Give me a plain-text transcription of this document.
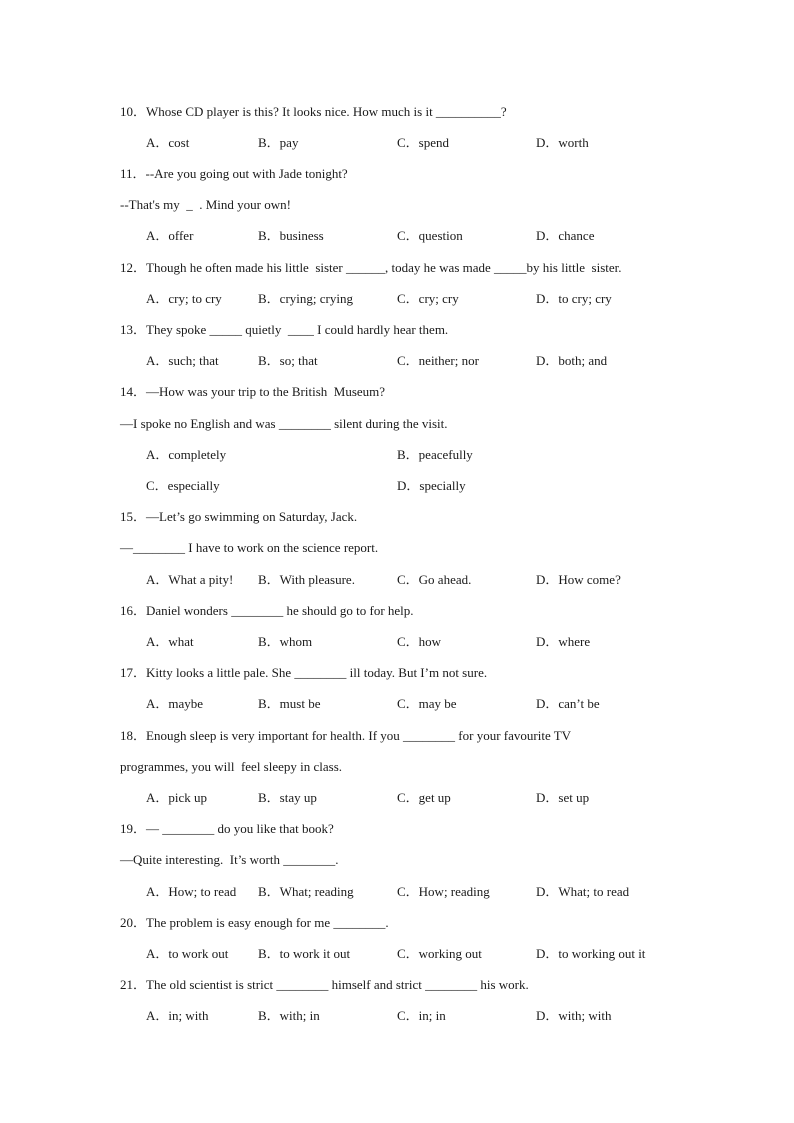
10．Whose CD player is this? It looks nice. How much is it __________?
A．cost	B．pay	C．spend	D．worth
11．--Are you going out with Jade tonight?
--That's my  _  . Mind your own!
A．offer	B．business	C．question	D．chance
12．Though he often made his little  sister ______, today he was made _____by his little  sister.
A．cry; to cry	B．crying; crying	C．cry; cry	D．to cry; cry
13．They spoke _____ quietly  ____ I could hardly hear them.
A．such; that	B．so; that	C．neither; nor	D．both; and
14．—How was your trip to the British  Museum?
—I spoke no English and was ________ silent during the visit.
A．completely	B．peacefully
C．especially	D．specially
15．—Let’s go swimming on Saturday, Jack.
—________ I have to work on the science report.
A．What a pity! B．With pleasure.	C．Go ahead.	D．How come?
16．Daniel wonders ________ he should go to for help.
A．what	B．whom	C．how	D．where
17．Kitty looks a little pale. She ________ ill today. But I’m not sure.
A．maybe	B．must be	C．may be	D．can’t be
18．Enough sleep is very important for health. If you ________ for your favourite TV
programmes, you will  feel sleepy in class.
A．pick up	B．stay up	C．get up	D．set up
19．— ________ do you like that book?
—Quite interesting.  It’s worth ________.
A．How; to read B．What; reading	C．How; reading	D．What; to read
20．The problem is easy enough for me ________.
A．to work out B．to work it out	C．working out	D．to working out it
21．The old scientist is strict ________ himself and strict ________ his work.
A．in; with	B．with; in	C．in; in	D．with; with
